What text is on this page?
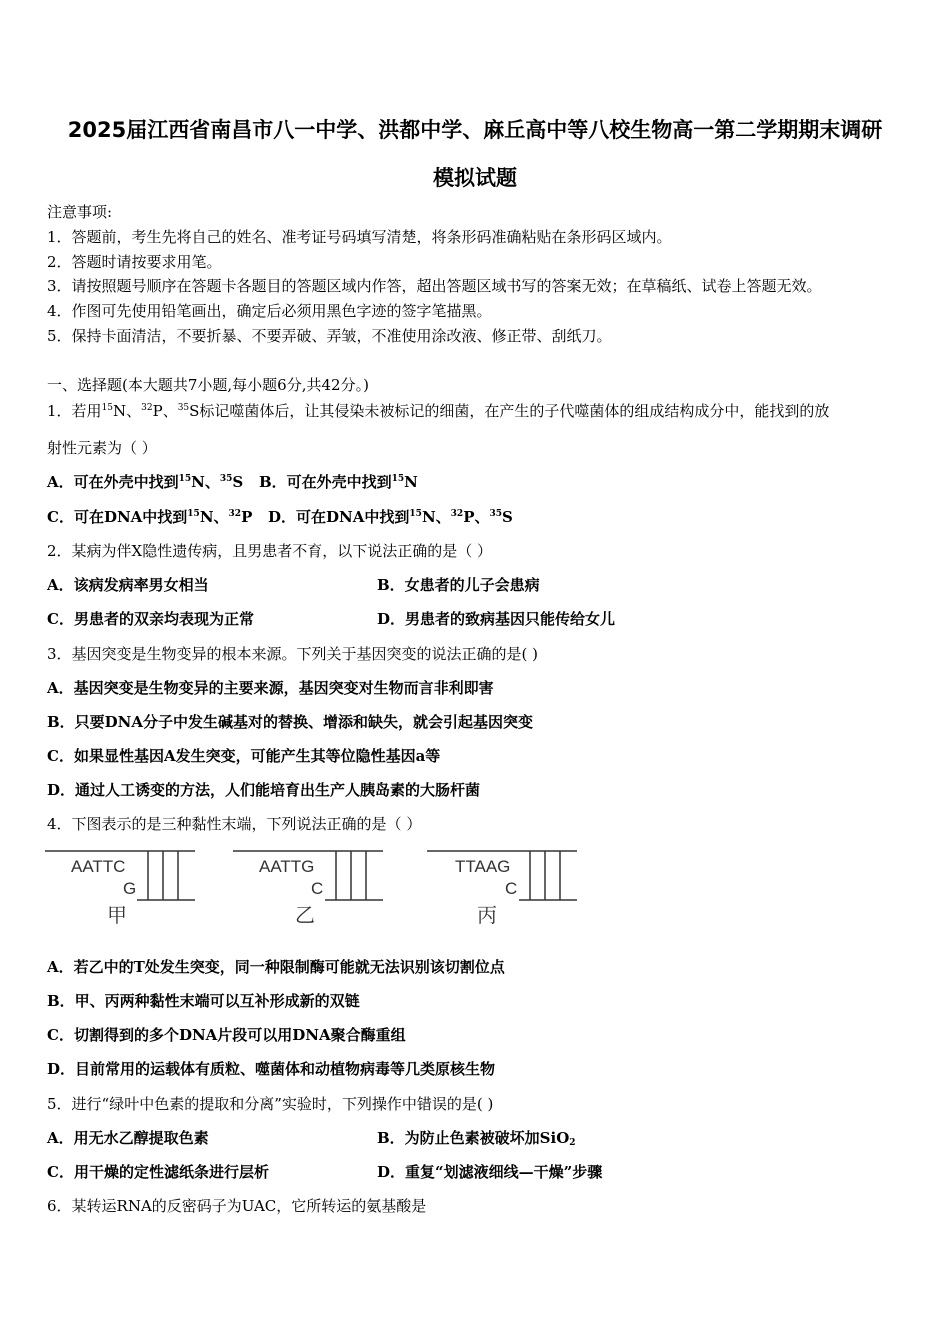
2025届江西省南昌市八一中学、洪都中学、麻丘高中等八校生物高一第二学期期末调研
模拟试题
注意事项:
1．答题前，考生先将自己的姓名、准考证号码填写清楚，将条形码准确粘贴在条形码区域内。
2．答题时请按要求用笔。
3．请按照题号顺序在答题卡各题目的答题区域内作答，超出答题区域书写的答案无效；在草稿纸、试卷上答题无效。
4．作图可先使用铅笔画出，确定后必须用黑色字迹的签字笔描黑。
5．保持卡面清洁，不要折暴、不要弄破、弄皱，不准使用涂改液、修正带、刮纸刀。
一、选择题(本大题共7小题,每小题6分,共42分。)
1．若用$^{15}$N、$^{32}$P、$^{35}$S标记噬菌体后，让其侵染未被标记的细菌，在产生的子代噬菌体的组成结构成分中，能找到的放
射性元素为（ ）
A．可在外壳中找到$^{15}$N、$^{35}$S B．可在外壳中找到$^{15}$N
C．可在DNA中找到$^{15}$N、$^{32}$P D．可在DNA中找到$^{15}$N、$^{32}$P、$^{35}$S
2．某病为伴X隐性遗传病，且男患者不育，以下说法正确的是（ ）
A．该病发病率男女相当	B．女患者的儿子会患病
C．男患者的双亲均表现为正常	D．男患者的致病基因只能传给女儿
3．基因突变是生物变异的根本来源。下列关于基因突变的说法正确的是( )
A．基因突变是生物变异的主要来源，基因突变对生物而言非利即害
B．只要DNA分子中发生碱基对的替换、增添和缺失，就会引起基因突变
C．如果显性基因A发生突变，可能产生其等位隐性基因a等
D．通过人工诱变的方法，人们能培育出生产人胰岛素的大肠杆菌
4．下图表示的是三种黏性末端，下列说法正确的是（ ）
AATTC
G
甲
AATTG
C
乙
TTAAG
C
丙
A．若乙中的T处发生突变，同一种限制酶可能就无法识别该切割位点
B．甲、丙两种黏性末端可以互补形成新的双链
C．切割得到的多个DNA片段可以用DNA聚合酶重组
D．目前常用的运载体有质粒、噬菌体和动植物病毒等几类原核生物
5．进行“绿叶中色素的提取和分离”实验时，下列操作中错误的是( )
A．用无水乙醇提取色素	B．为防止色素被破坏加SiO$_2$
C．用干燥的定性滤纸条进行层析	D．重复“划滤液细线—干燥”步骤
6．某转运RNA的反密码子为UAC，它所转运的氨基酸是
